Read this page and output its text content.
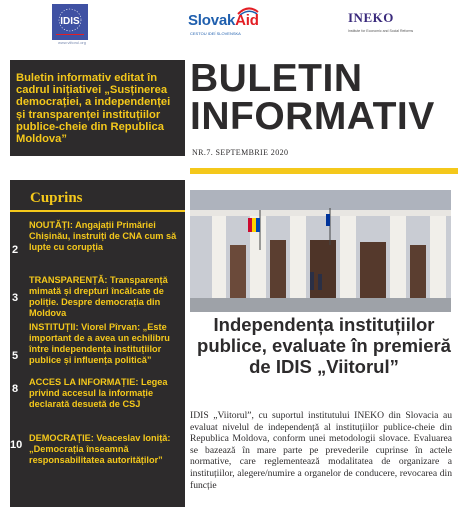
IDIS
www.viitorul.org
SlovakAid
CESTOU IDEÍ SLOVENSKA
INEKO
Institute for Economic and Social Reforms
Buletin informativ editat în cadrul inițiativei „Susținerea democrației, a independenței și transparenței instituțiilor publice-cheie din Republica Moldova”
BULETIN
INFORMATIV
NR.7. SEPTEMBRIE 2020
Cuprins
2
NOUTĂȚI: Angajații Primăriei Chișinău, instruiți de CNA cum să lupte cu corupția
3
TRANSPARENȚĂ: Transparență mimată și drepturi încălcate de poliție. Despre democrația din Moldova
5
INSTITUȚII: Viorel Pîrvan: „Este important de a avea un echilibru între independența instituțiilor publice și influența politică”
8
ACCES LA INFORMAȚIE: Legea privind accesul la informație declarată desuetă de CSJ
10
DEMOCRAȚIE: Veaceslav Ioniță: „Democrația înseamnă responsabilitatea autorităților”
Independența instituțiilor publice, evaluate în premieră de IDIS „Viitorul”
IDIS „Viitorul”, cu suportul institutului INEKO din Slovacia au evaluat nivelul de independență al instituțiilor publice-cheie din Republica Moldova, conform unei metodologii slovace. Evaluarea se bazează în mare parte pe prevederile cuprinse în actele normative, care reglementează modalitatea de organizare a instituțiilor, alegere/numire a organelor de conducere, revocarea din funcție
